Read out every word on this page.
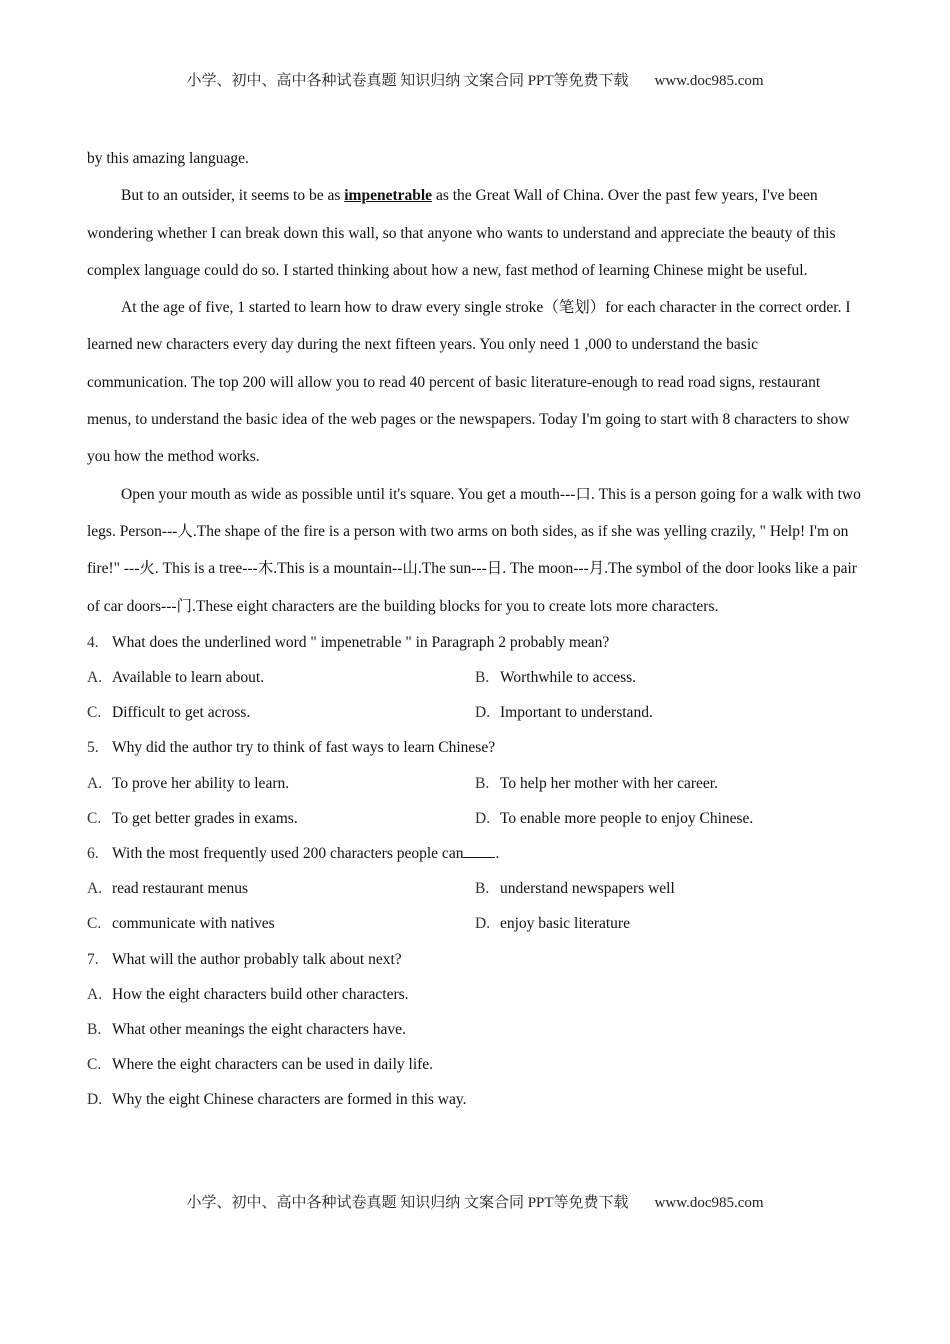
小学、初中、高中各种试卷真题 知识归纳 文案合同 PPT等免费下载 www.doc985.com

by this amazing language.

But to an outsider, it seems to be as impenetrable as the Great Wall of China. Over the past few years, I've been wondering whether I can break down this wall, so that anyone who wants to understand and appreciate the beauty of this complex language could do so. I started thinking about how a new, fast method of learning Chinese might be useful.

At the age of five, 1 started to learn how to draw every single stroke（笔划）for each character in the correct order. I learned new characters every day during the next fifteen years. You only need 1 ,000 to understand the basic communication. The top 200 will allow you to read 40 percent of basic literature-enough to read road signs, restaurant menus, to understand the basic idea of the web pages or the newspapers. Today I'm going to start with 8 characters to show you how the method works.

Open your mouth as wide as possible until it's square. You get a mouth---口. This is a person going for a walk with two legs. Person---人.The shape of the fire is a person with two arms on both sides, as if she was yelling crazily, " Help! I'm on fire!" ---火. This is a tree---木.This is a mountain--山.The sun---日. The moon---月.The symbol of the door looks like a pair of car doors---门.These eight characters are the building blocks for you to create lots more characters.

4. What does the underlined word " impenetrable " in Paragraph 2 probably mean?
A. Available to learn about.	B. Worthwhile to access.
C. Difficult to get across.	D. Important to understand.
5. Why did the author try to think of fast ways to learn Chinese?
A. To prove her ability to learn.	B. To help her mother with her career.
C. To get better grades in exams.	D. To enable more people to enjoy Chinese.
6. With the most frequently used 200 characters people can .
A. read restaurant menus	B. understand newspapers well
C. communicate with natives	D. enjoy basic literature
7. What will the author probably talk about next?
A. How the eight characters build other characters.
B. What other meanings the eight characters have.
C. Where the eight characters can be used in daily life.
D. Why the eight Chinese characters are formed in this way.
小学、初中、高中各种试卷真题 知识归纳 文案合同 PPT等免费下载 www.doc985.com
